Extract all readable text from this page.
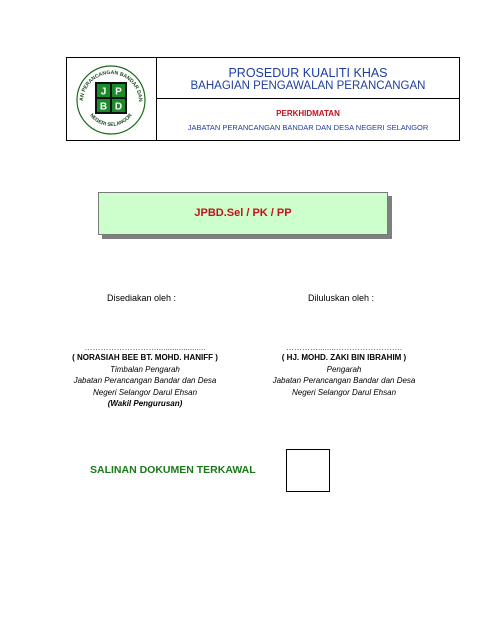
AN PERANCANGAN BANDAR DAN
NEGERI SELANGOR
J P
B D
PROSEDUR KUALITI KHAS
BAHAGIAN PENGAWALAN PERANCANGAN
PERKHIDMATAN
JABATAN PERANCANGAN BANDAR DAN DESA NEGERI SELANGOR
JPBD.Sel / PK / PP
Disediakan oleh :	Diluluskan oleh :
………………………......................
( NORASIAH BEE BT. MOHD. HANIFF )
Timbalan Pengarah
Jabatan Perancangan Bandar dan Desa
Negeri Selangor Darul Ehsan
(Wakil Pengurusan)
…………........…………………….
( HJ. MOHD. ZAKI BIN IBRAHIM )
Pengarah
Jabatan Perancangan Bandar dan Desa
Negeri Selangor Darul Ehsan
SALINAN DOKUMEN TERKAWAL
